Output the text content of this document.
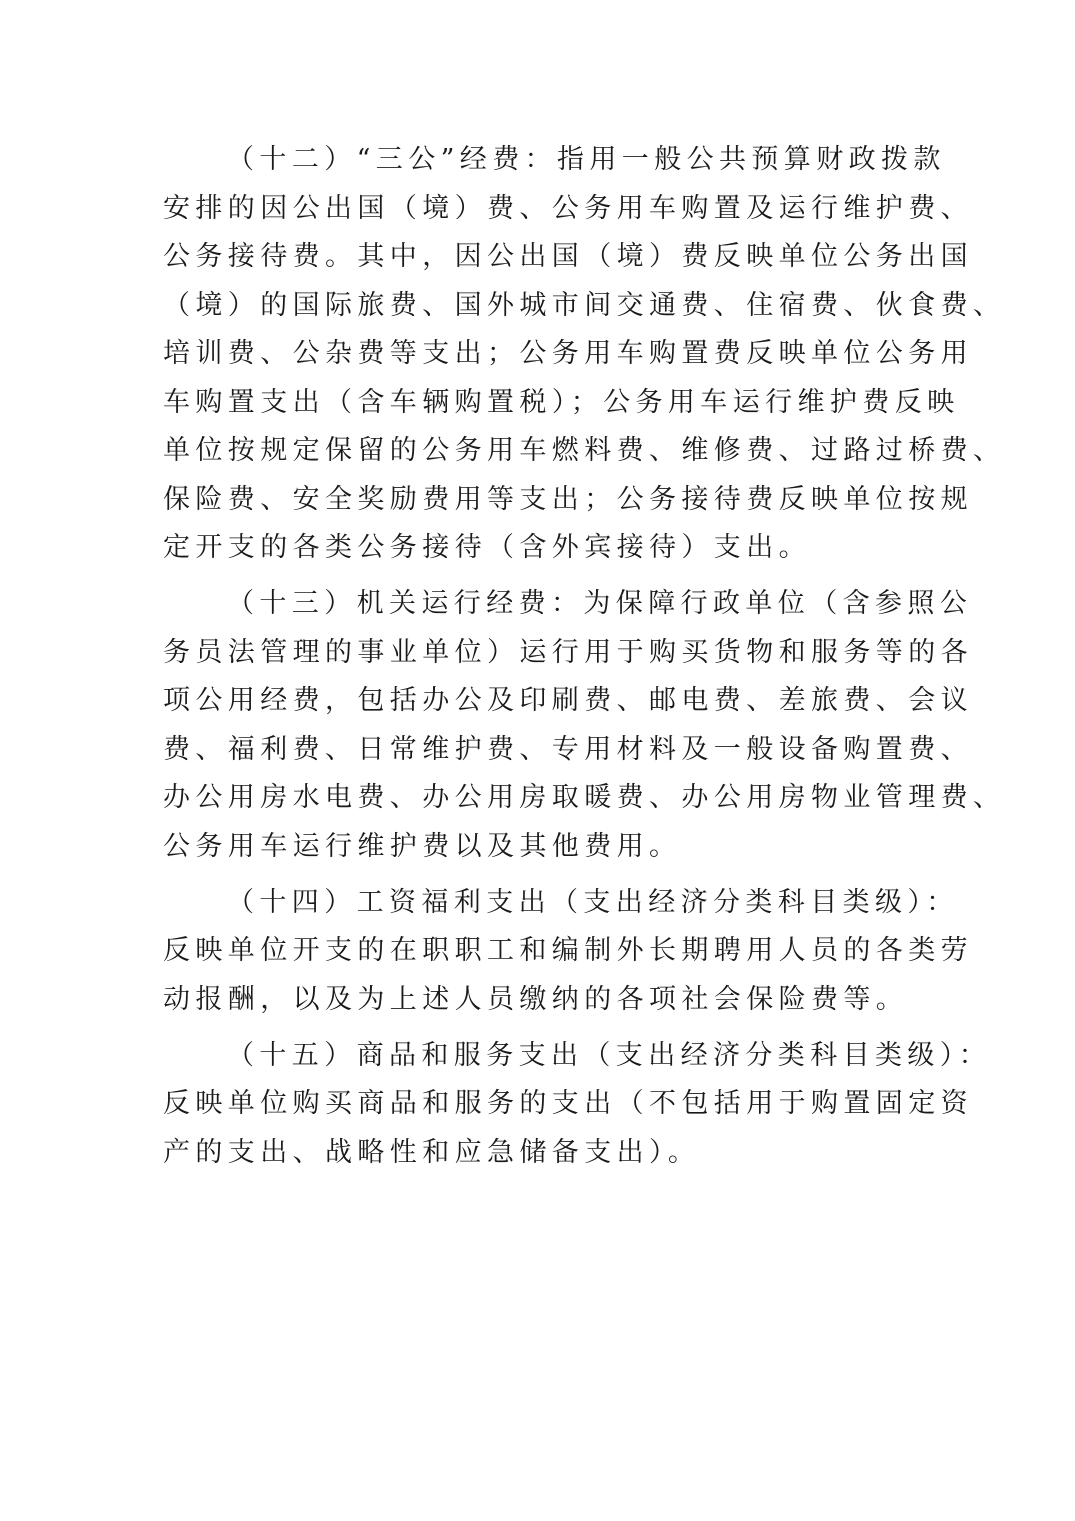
（十二）“三公”经费：指用一般公共预算财政拨款
安排的因公出国（境）费、公务用车购置及运行维护费、
公务接待费。其中，因公出国（境）费反映单位公务出国
（境）的国际旅费、国外城市间交通费、住宿费、伙食费、
培训费、公杂费等支出；公务用车购置费反映单位公务用
车购置支出（含车辆购置税）；公务用车运行维护费反映
单位按规定保留的公务用车燃料费、维修费、过路过桥费、
保险费、安全奖励费用等支出；公务接待费反映单位按规
定开支的各类公务接待（含外宾接待）支出。
（十三）机关运行经费：为保障行政单位（含参照公
务员法管理的事业单位）运行用于购买货物和服务等的各
项公用经费，包括办公及印刷费、邮电费、差旅费、会议
费、福利费、日常维护费、专用材料及一般设备购置费、
办公用房水电费、办公用房取暖费、办公用房物业管理费、
公务用车运行维护费以及其他费用。
（十四）工资福利支出（支出经济分类科目类级）：
反映单位开支的在职职工和编制外长期聘用人员的各类劳
动报酬，以及为上述人员缴纳的各项社会保险费等。
（十五）商品和服务支出（支出经济分类科目类级）：
反映单位购买商品和服务的支出（不包括用于购置固定资
产的支出、战略性和应急储备支出）。
